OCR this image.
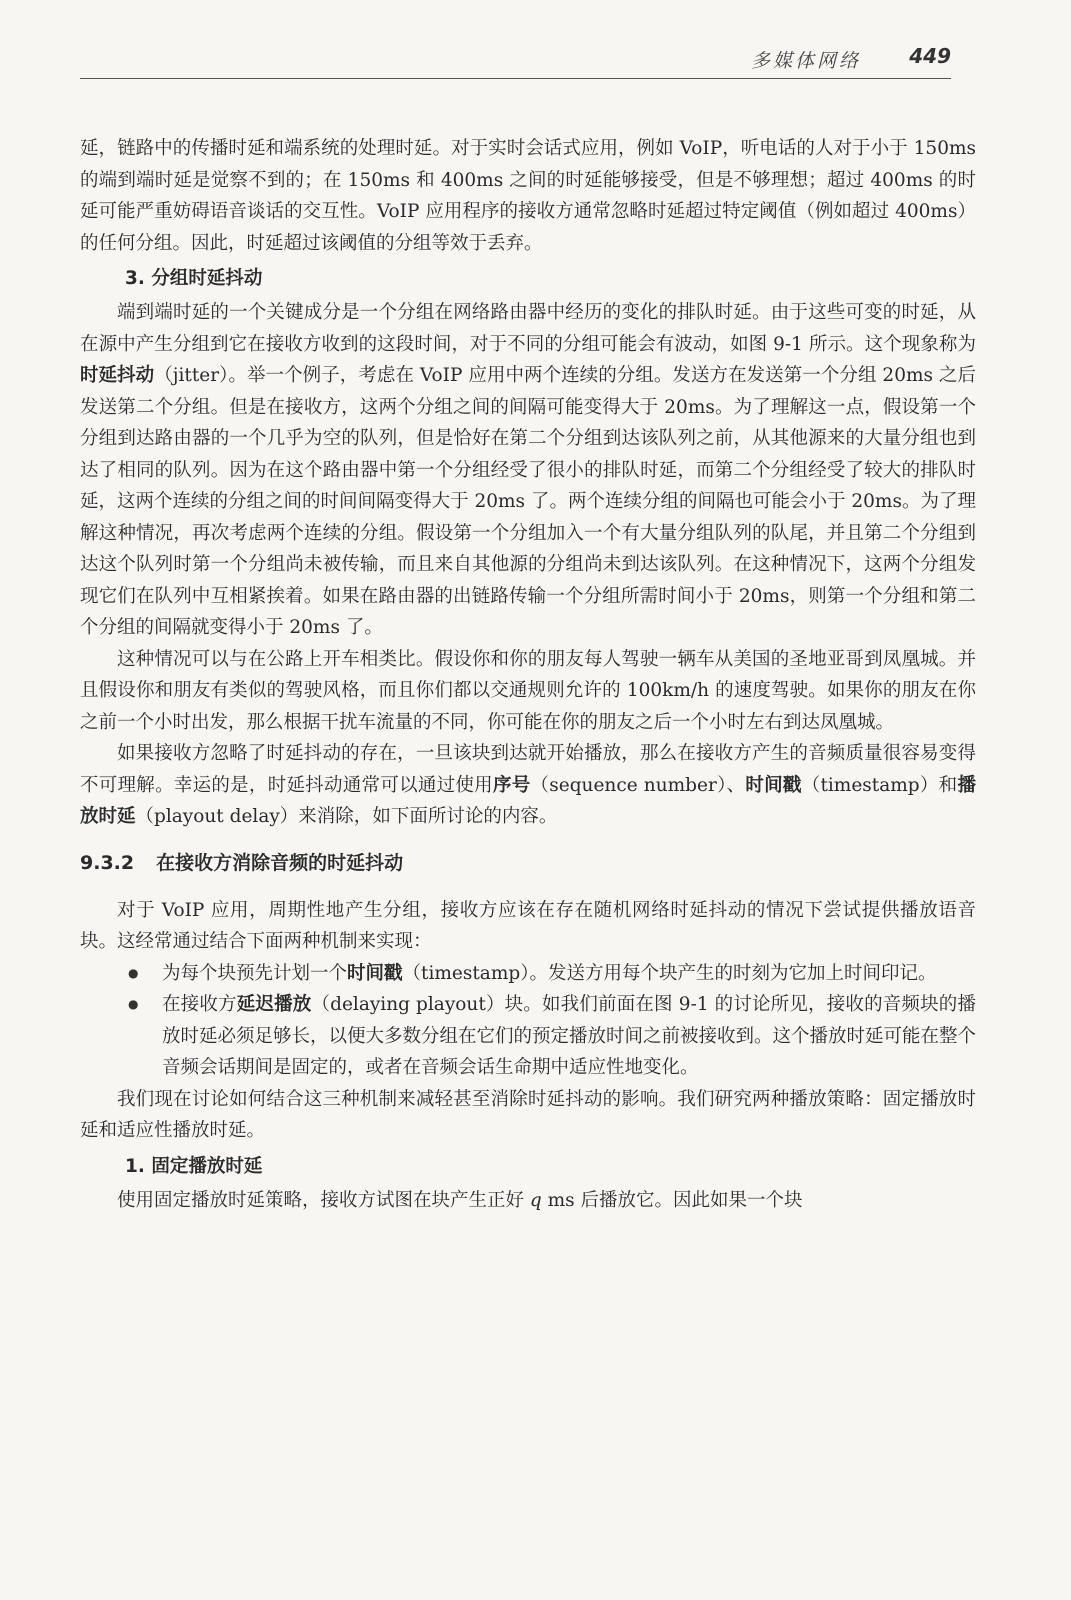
多媒体网络 449

延，链路中的传播时延和端系统的处理时延。对于实时会话式应用，例如 VoIP，听电话的人对于小于 150ms 的端到端时延是觉察不到的；在 150ms 和 400ms 之间的时延能够接受，但是不够理想；超过 400ms 的时延可能严重妨碍语音谈话的交互性。VoIP 应用程序的接收方通常忽略时延超过特定阈值（例如超过 400ms）的任何分组。因此，时延超过该阈值的分组等效于丢弃。

3. 分组时延抖动

端到端时延的一个关键成分是一个分组在网络路由器中经历的变化的排队时延。由于这些可变的时延，从在源中产生分组到它在接收方收到的这段时间，对于不同的分组可能会有波动，如图 9-1 所示。这个现象称为时延抖动（jitter）。举一个例子，考虑在 VoIP 应用中两个连续的分组。发送方在发送第一个分组 20ms 之后发送第二个分组。但是在接收方，这两个分组之间的间隔可能变得大于 20ms。为了理解这一点，假设第一个分组到达路由器的一个几乎为空的队列，但是恰好在第二个分组到达该队列之前，从其他源来的大量分组也到达了相同的队列。因为在这个路由器中第一个分组经受了很小的排队时延，而第二个分组经受了较大的排队时延，这两个连续的分组之间的时间间隔变得大于 20ms 了。两个连续分组的间隔也可能会小于 20ms。为了理解这种情况，再次考虑两个连续的分组。假设第一个分组加入一个有大量分组队列的队尾，并且第二个分组到达这个队列时第一个分组尚未被传输，而且来自其他源的分组尚未到达该队列。在这种情况下，这两个分组发现它们在队列中互相紧挨着。如果在路由器的出链路传输一个分组所需时间小于 20ms，则第一个分组和第二个分组的间隔就变得小于 20ms 了。

这种情况可以与在公路上开车相类比。假设你和你的朋友每人驾驶一辆车从美国的圣地亚哥到凤凰城。并且假设你和朋友有类似的驾驶风格，而且你们都以交通规则允许的 100km/h 的速度驾驶。如果你的朋友在你之前一个小时出发，那么根据干扰车流量的不同，你可能在你的朋友之后一个小时左右到达凤凰城。

如果接收方忽略了时延抖动的存在，一旦该块到达就开始播放，那么在接收方产生的音频质量很容易变得不可理解。幸运的是，时延抖动通常可以通过使用序号（sequence number）、时间戳（timestamp）和播放时延（playout delay）来消除，如下面所讨论的内容。

9.3.2 在接收方消除音频的时延抖动

对于 VoIP 应用，周期性地产生分组，接收方应该在存在随机网络时延抖动的情况下尝试提供播放语音块。这经常通过结合下面两种机制来实现：

● 为每个块预先计划一个时间戳（timestamp）。发送方用每个块产生的时刻为它加上时间印记。
● 在接收方延迟播放（delaying playout）块。如我们前面在图 9-1 的讨论所见，接收的音频块的播放时延必须足够长，以便大多数分组在它们的预定播放时间之前被接收到。这个播放时延可能在整个音频会话期间是固定的，或者在音频会话生命期中适应性地变化。

我们现在讨论如何结合这三种机制来减轻甚至消除时延抖动的影响。我们研究两种播放策略：固定播放时延和适应性播放时延。

1. 固定播放时延

使用固定播放时延策略，接收方试图在块产生正好 q ms 后播放它。因此如果一个块
